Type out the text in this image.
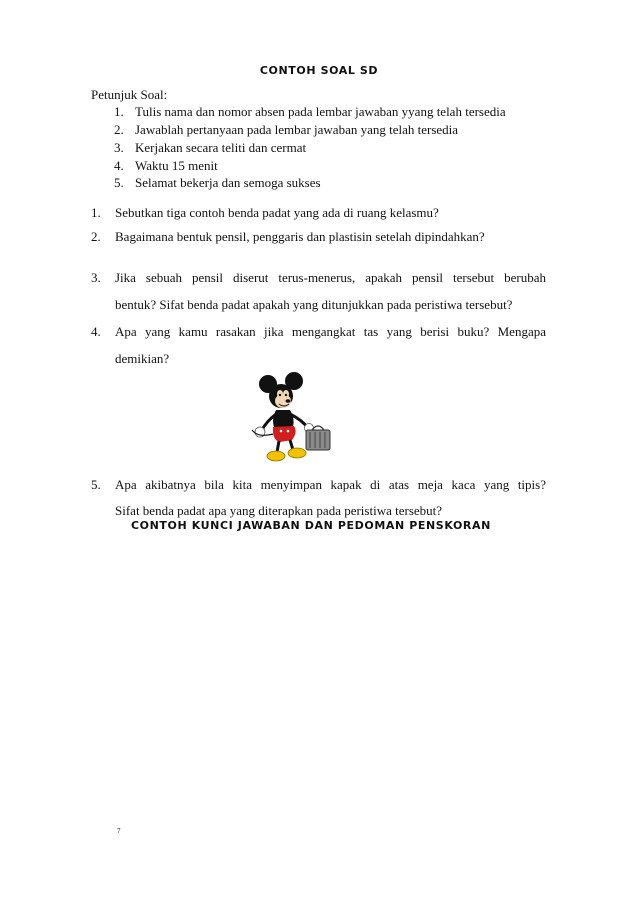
CONTOH SOAL SD
Petunjuk Soal:
1. Tulis nama dan nomor absen pada lembar jawaban yyang telah tersedia
2. Jawablah pertanyaan pada lembar jawaban yang telah tersedia
3. Kerjakan secara teliti dan cermat
4. Waktu 15 menit
5. Selamat bekerja dan semoga sukses
1. Sebutkan tiga contoh benda padat yang ada di ruang kelasmu?
2. Bagaimana bentuk pensil, penggaris dan plastisin setelah dipindahkan?
3. Jika sebuah pensil diserut terus-menerus, apakah pensil tersebut berubah
bentuk? Sifat benda padat apakah yang ditunjukkan pada peristiwa tersebut?
4. Apa yang kamu rasakan jika mengangkat tas yang berisi buku? Mengapa
demikian?
5. Apa akibatnya bila kita menyimpan kapak di atas meja kaca yang tipis?
Sifat benda padat apa yang diterapkan pada peristiwa tersebut?
CONTOH KUNCI JAWABAN DAN PEDOMAN PENSKORAN
7
